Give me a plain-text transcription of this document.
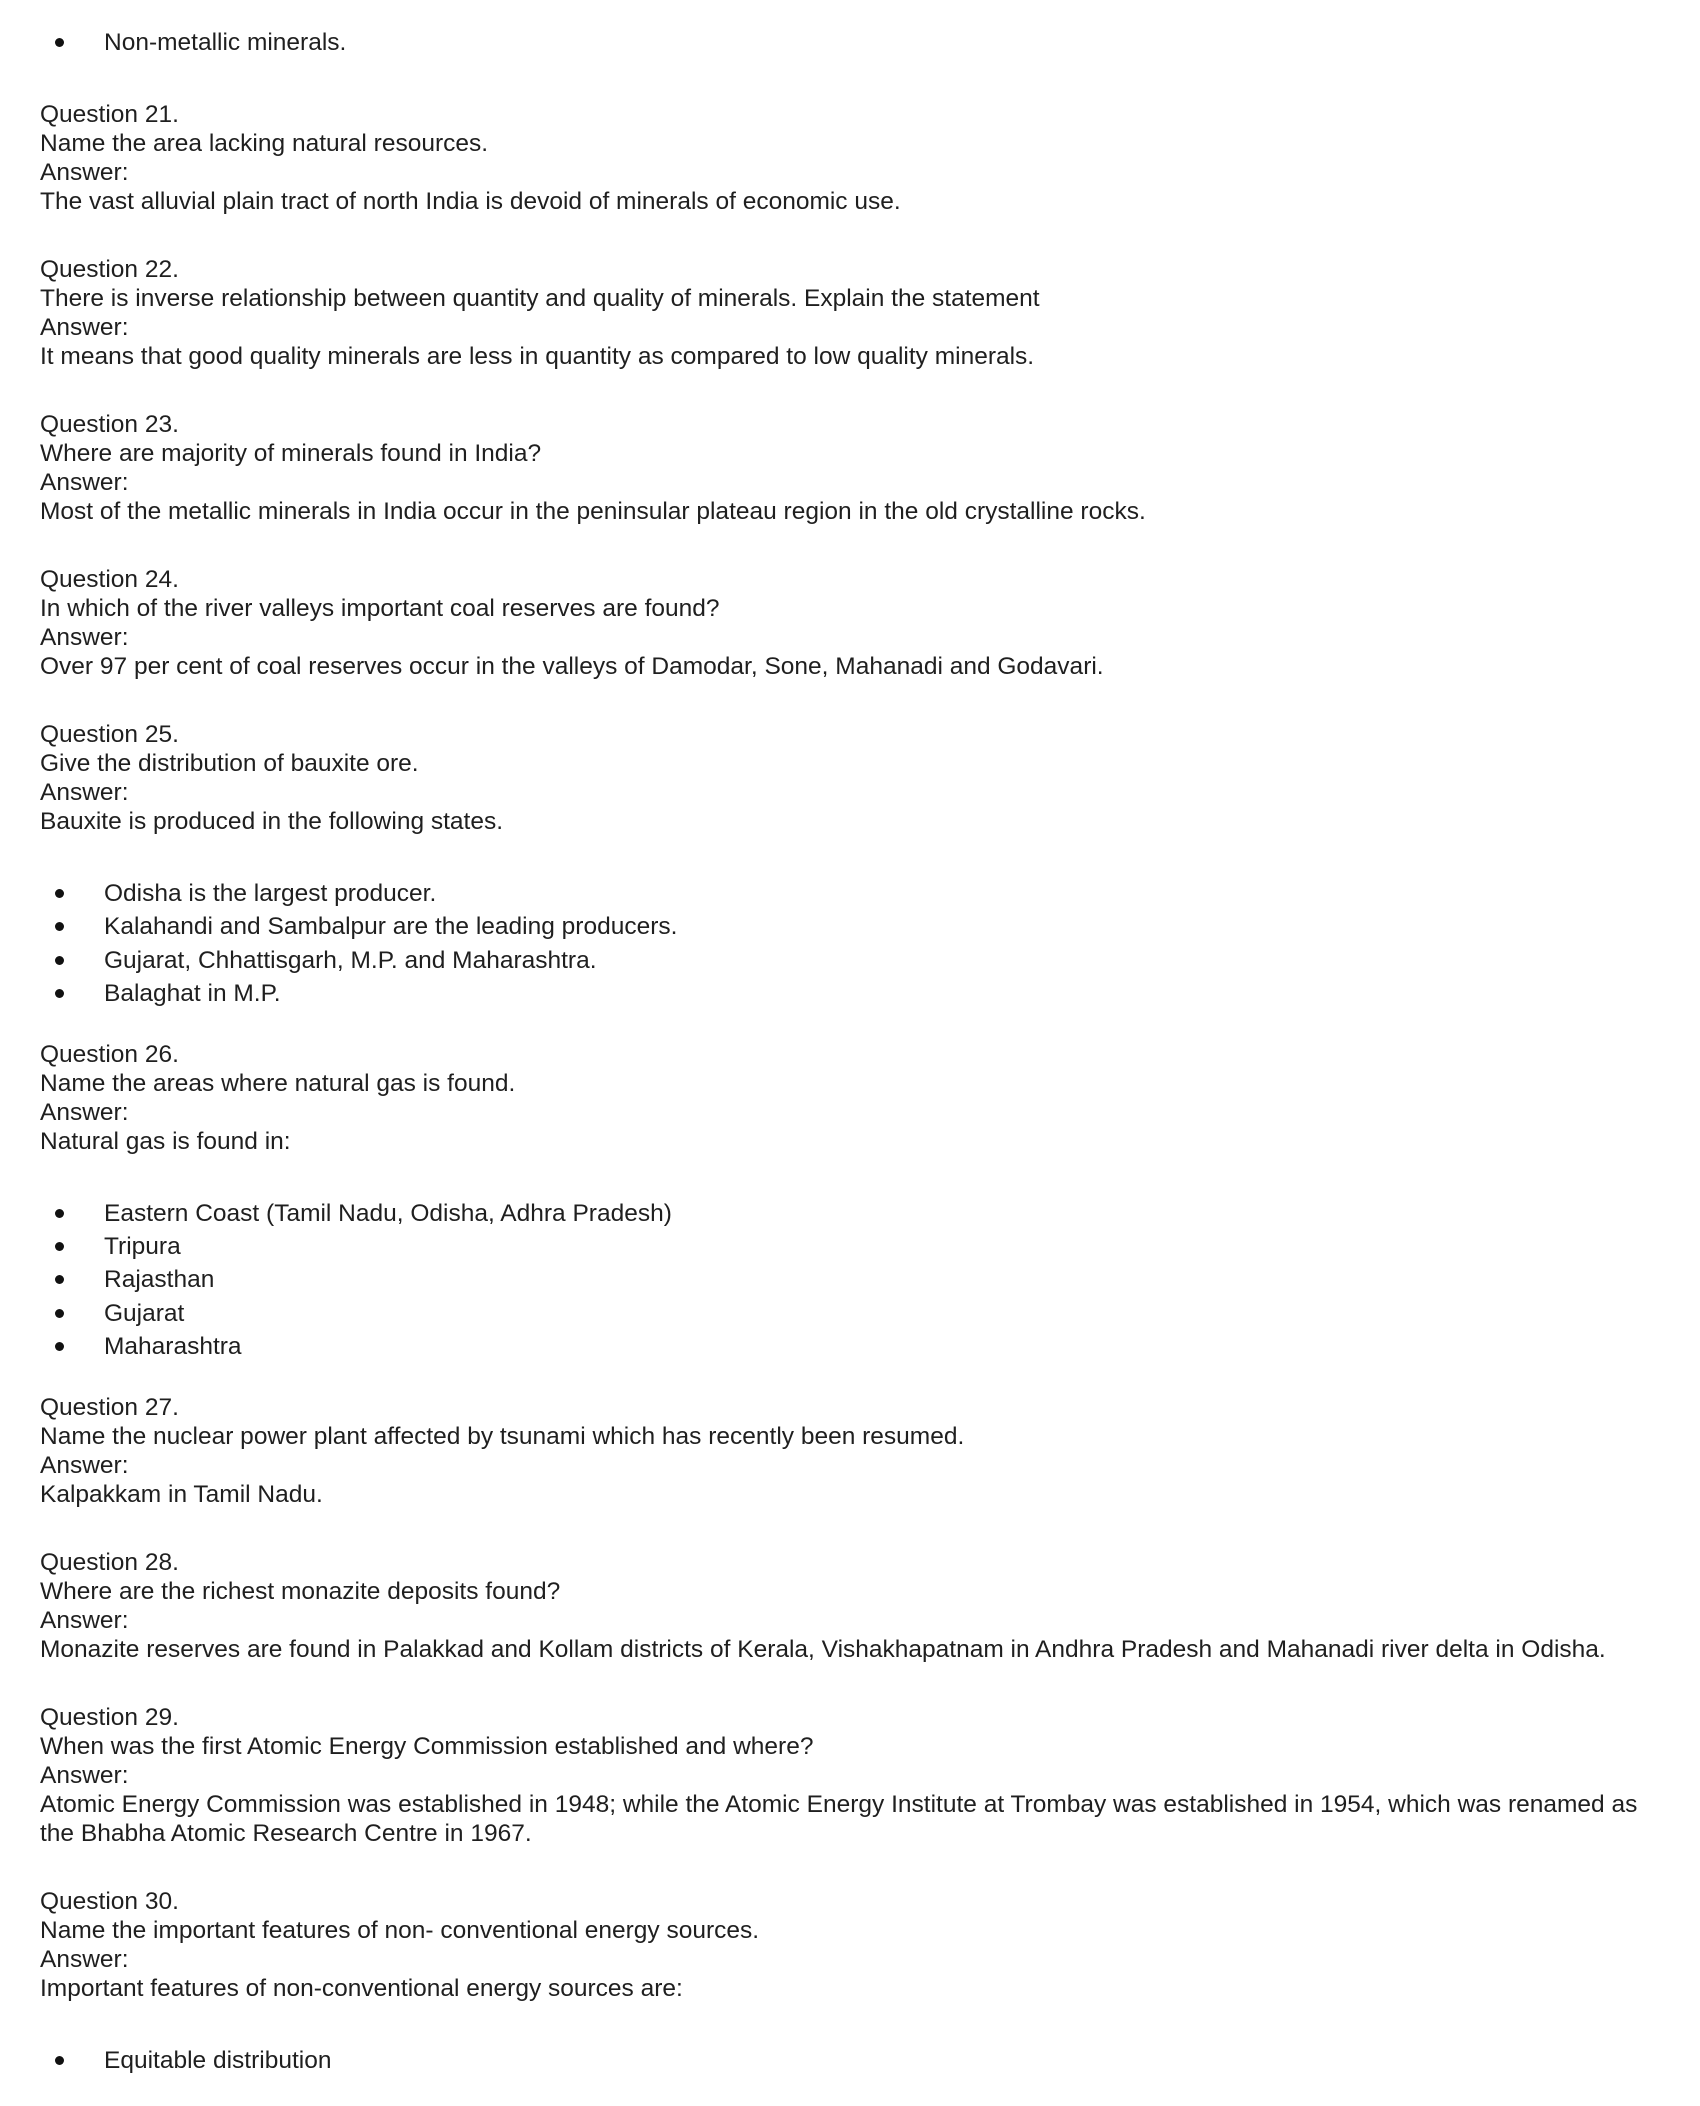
Non-metallic minerals.
Question 21.
Name the area lacking natural resources.
Answer:
The vast alluvial plain tract of north India is devoid of minerals of economic use.
Question 22.
There is inverse relationship between quantity and quality of minerals. Explain the statement
Answer:
It means that good quality minerals are less in quantity as compared to low quality minerals.
Question 23.
Where are majority of minerals found in India?
Answer:
Most of the metallic minerals in India occur in the peninsular plateau region in the old crystalline rocks.
Question 24.
In which of the river valleys important coal reserves are found?
Answer:
Over 97 per cent of coal reserves occur in the valleys of Damodar, Sone, Mahanadi and Godavari.
Question 25.
Give the distribution of bauxite ore.
Answer:
Bauxite is produced in the following states.
Odisha is the largest producer.
Kalahandi and Sambalpur are the leading producers.
Gujarat, Chhattisgarh, M.P. and Maharashtra.
Balaghat in M.P.
Question 26.
Name the areas where natural gas is found.
Answer:
Natural gas is found in:
Eastern Coast (Tamil Nadu, Odisha, Adhra Pradesh)
Tripura
Rajasthan
Gujarat
Maharashtra
Question 27.
Name the nuclear power plant affected by tsunami which has recently been resumed.
Answer:
Kalpakkam in Tamil Nadu.
Question 28.
Where are the richest monazite deposits found?
Answer:
Monazite reserves are found in Palakkad and Kollam districts of Kerala, Vishakhapatnam in Andhra Pradesh and Mahanadi river delta in Odisha.
Question 29.
When was the first Atomic Energy Commission established and where?
Answer:
Atomic Energy Commission was established in 1948; while the Atomic Energy Institute at Trombay was established in 1954, which was renamed as the Bhabha Atomic Research Centre in 1967.
Question 30.
Name the important features of non- conventional energy sources.
Answer:
Important features of non-conventional energy sources are:
Equitable distribution
